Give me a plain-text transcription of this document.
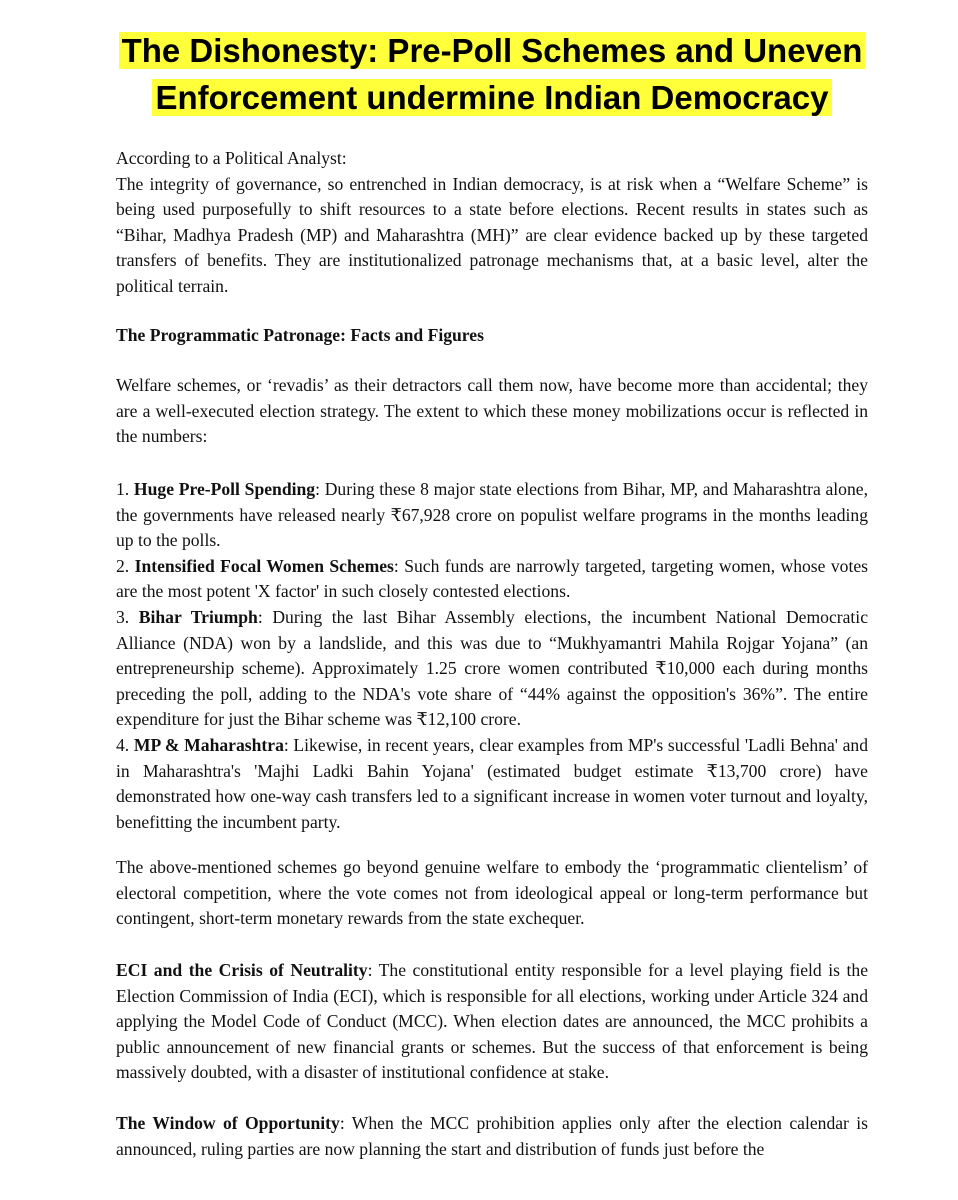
The Dishonesty: Pre-Poll Schemes and Uneven
Enforcement undermine Indian Democracy

According to a Political Analyst:

The integrity of governance, so entrenched in Indian democracy, is at risk when a “Welfare Scheme” is being used purposefully to shift resources to a state before elections. Recent results in states such as “Bihar, Madhya Pradesh (MP) and Maharashtra (MH)” are clear evidence backed up by these targeted transfers of benefits. They are institutionalized patronage mechanisms that, at a basic level, alter the political terrain.

The Programmatic Patronage: Facts and Figures

Welfare schemes, or ‘revadis’ as their detractors call them now, have become more than accidental; they are a well-executed election strategy. The extent to which these money mobilizations occur is reflected in the numbers:

1. Huge Pre-Poll Spending: During these 8 major state elections from Bihar, MP, and Maharashtra alone, the governments have released nearly ₹67,928 crore on populist welfare programs in the months leading up to the polls.

2. Intensified Focal Women Schemes: Such funds are narrowly targeted, targeting women, whose votes are the most potent 'X factor' in such closely contested elections.

3. Bihar Triumph: During the last Bihar Assembly elections, the incumbent National Democratic Alliance (NDA) won by a landslide, and this was due to “Mukhyamantri Mahila Rojgar Yojana” (an entrepreneurship scheme). Approximately 1.25 crore women contributed ₹10,000 each during months preceding the poll, adding to the NDA's vote share of “44% against the opposition's 36%”. The entire expenditure for just the Bihar scheme was ₹12,100 crore.

4. MP & Maharashtra: Likewise, in recent years, clear examples from MP's successful 'Ladli Behna' and in Maharashtra's 'Majhi Ladki Bahin Yojana' (estimated budget estimate ₹13,700 crore) have demonstrated how one-way cash transfers led to a significant increase in women voter turnout and loyalty, benefitting the incumbent party.

The above-mentioned schemes go beyond genuine welfare to embody the ‘programmatic clientelism’ of electoral competition, where the vote comes not from ideological appeal or long-term performance but contingent, short-term monetary rewards from the state exchequer.

ECI and the Crisis of Neutrality: The constitutional entity responsible for a level playing field is the Election Commission of India (ECI), which is responsible for all elections, working under Article 324 and applying the Model Code of Conduct (MCC). When election dates are announced, the MCC prohibits a public announcement of new financial grants or schemes. But the success of that enforcement is being massively doubted, with a disaster of institutional confidence at stake.

The Window of Opportunity: When the MCC prohibition applies only after the election calendar is announced, ruling parties are now planning the start and distribution of funds just before the
